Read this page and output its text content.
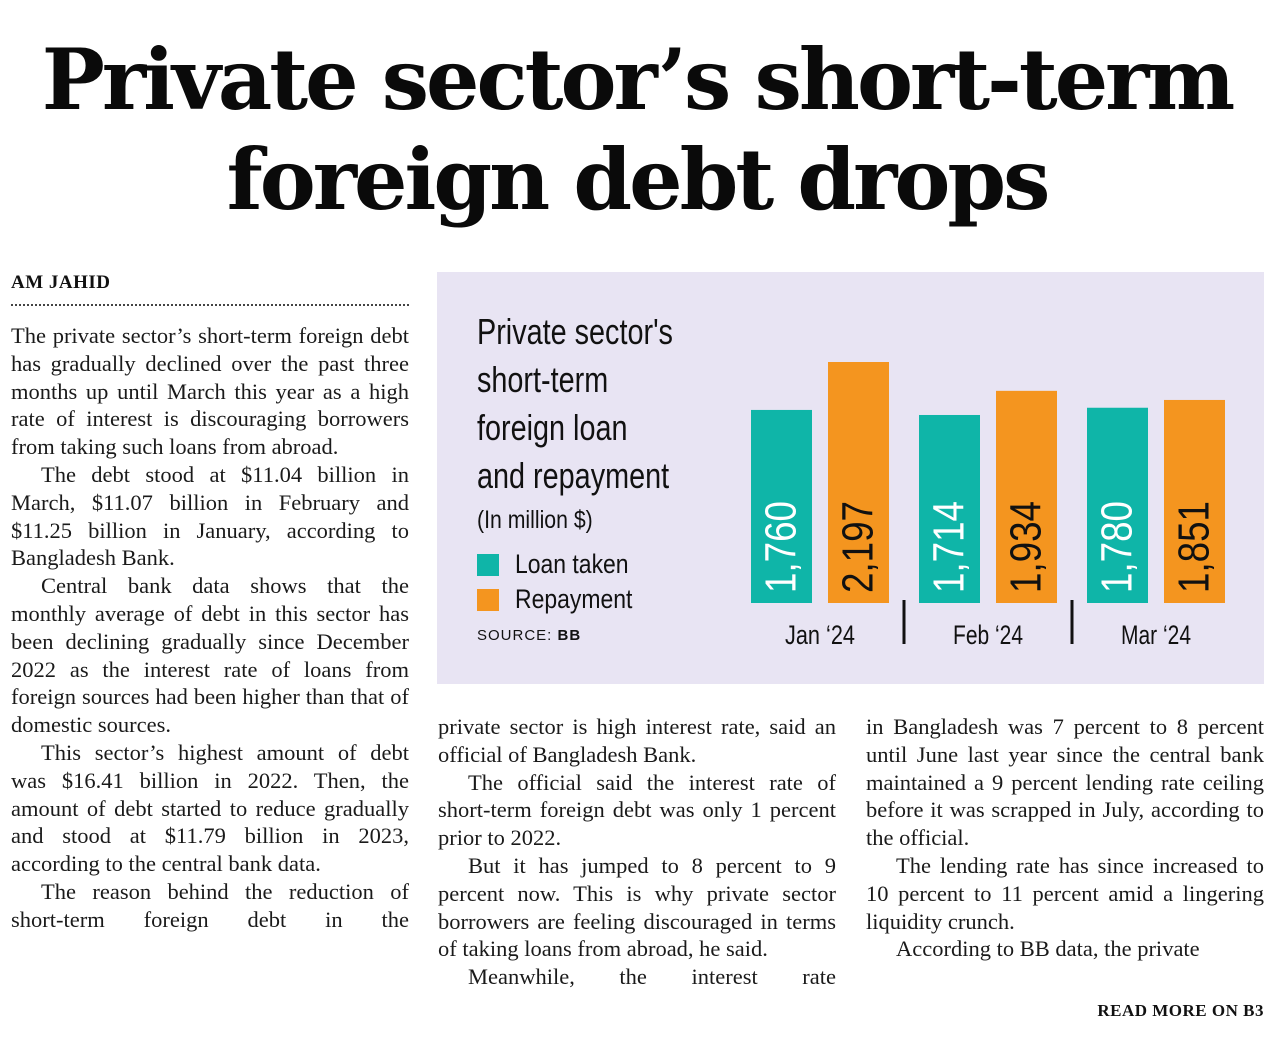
Private sector’s short-term
foreign debt drops
AM JAHID

The private sector’s short-term foreign debt has gradually declined over the past three months up until March this year as a high rate of interest is discouraging borrowers from taking such loans from abroad.

The debt stood at $11.04 billion in March, $11.07 billion in February and $11.25 billion in January, according to Bangladesh Bank.

Central bank data shows that the monthly average of debt in this sector has been declining gradually since December 2022 as the interest rate of loans from foreign sources had been higher than that of domestic sources.

This sector’s highest amount of debt was $16.41 billion in 2022. Then, the amount of debt started to reduce gradually and stood at $11.79 billion in 2023, according to the central bank data.

The reason behind the reduction of short-term foreign debt in the

private sector is high interest rate, said an official of Bangladesh Bank.

The official said the interest rate of short-term foreign debt was only 1 percent prior to 2022.

But it has jumped to 8 percent to 9 percent now. This is why private sector borrowers are feeling discouraged in terms of taking loans from abroad, he said.

Meanwhile, the interest rate

in Bangladesh was 7 percent to 8 percent until June last year since the central bank maintained a 9 percent lending rate ceiling before it was scrapped in July, according to the official.

The lending rate has since increased to 10 percent to 11 percent amid a lingering liquidity crunch.

According to BB data, the private

READ MORE ON B3
Private sector's
short-term
foreign loan
and repayment
(In million $)
Loan taken
Repayment
SOURCE: BB
1,760 2,197
Jan ‘24
1,714 1,934
Feb ‘24
1,780 1,851
Mar ‘24
